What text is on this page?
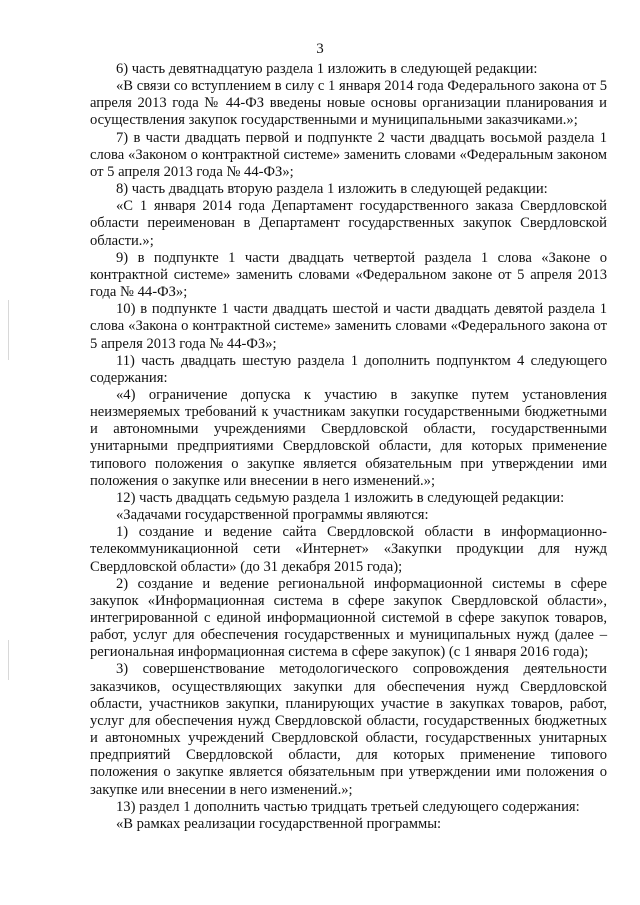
3

6) часть девятнадцатую раздела 1 изложить в следующей редакции:

«В связи со вступлением в силу с 1 января 2014 года Федерального закона от 5 апреля 2013 года № 44-ФЗ введены новые основы организации планирования и осуществления закупок государственными и муниципальными заказчиками.»;

7) в части двадцать первой и подпункте 2 части двадцать восьмой раздела 1 слова «Законом о контрактной системе» заменить словами «Федеральным законом от 5 апреля 2013 года № 44-ФЗ»;

8) часть двадцать вторую раздела 1 изложить в следующей редакции:

«С 1 января 2014 года Департамент государственного заказа Свердловской области переименован в Департамент государственных закупок Свердловской области.»;

9) в подпункте 1 части двадцать четвертой раздела 1 слова «Законе о контрактной системе» заменить словами «Федеральном законе от 5 апреля 2013 года № 44-ФЗ»;

10) в подпункте 1 части двадцать шестой и части двадцать девятой раздела 1 слова «Закона о контрактной системе» заменить словами «Федерального закона от 5 апреля 2013 года № 44-ФЗ»;

11) часть двадцать шестую раздела 1 дополнить подпунктом 4 следующего содержания:

«4) ограничение допуска к участию в закупке путем установления неизмеряемых требований к участникам закупки государственными бюджетными и автономными учреждениями Свердловской области, государственными унитарными предприятиями Свердловской области, для которых применение типового положения о закупке является обязательным при утверждении ими положения о закупке или внесении в него изменений.»;

12) часть двадцать седьмую раздела 1 изложить в следующей редакции:

«Задачами государственной программы являются:

1) создание и ведение сайта Свердловской области в информационно-телекоммуникационной сети «Интернет» «Закупки продукции для нужд Свердловской области» (до 31 декабря 2015 года);

2) создание и ведение региональной информационной системы в сфере закупок «Информационная система в сфере закупок Свердловской области», интегрированной с единой информационной системой в сфере закупок товаров, работ, услуг для обеспечения государственных и муниципальных нужд (далее – региональная информационная система в сфере закупок) (с 1 января 2016 года);

3) совершенствование методологического сопровождения деятельности заказчиков, осуществляющих закупки для обеспечения нужд Свердловской области, участников закупки, планирующих участие в закупках товаров, работ, услуг для обеспечения нужд Свердловской области, государственных бюджетных и автономных учреждений Свердловской области, государственных унитарных предприятий Свердловской области, для которых применение типового положения о закупке является обязательным при утверждении ими положения о закупке или внесении в него изменений.»;

13) раздел 1 дополнить частью тридцать третьей следующего содержания:

«В рамках реализации государственной программы:
